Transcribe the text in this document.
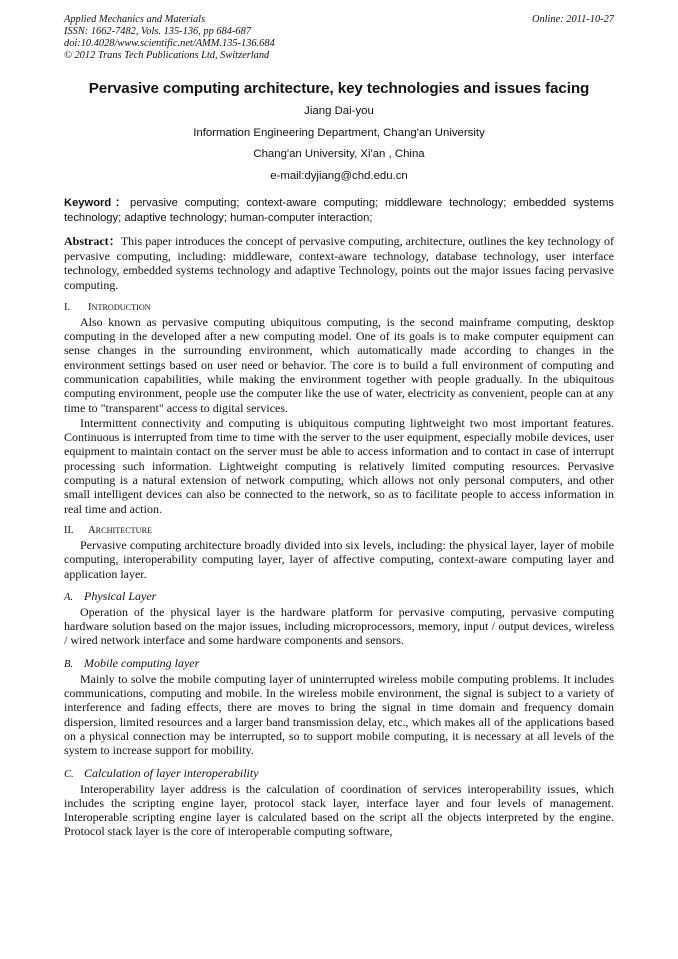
Applied Mechanics and Materials
ISSN: 1662-7482, Vols. 135-136, pp 684-687
doi:10.4028/www.scientific.net/AMM.135-136.684
© 2012 Trans Tech Publications Ltd, Switzerland
Online: 2011-10-27
Pervasive computing architecture, key technologies and issues facing
Jiang Dai-you
Information Engineering Department, Chang'an University
Chang'an University, Xi'an , China
e-mail:dyjiang@chd.edu.cn
Keyword：pervasive computing; context-aware computing; middleware technology; embedded systems technology; adaptive technology; human-computer interaction;
Abstract：This paper introduces the concept of pervasive computing, architecture, outlines the key technology of pervasive computing, including: middleware, context-aware technology, database technology, user interface technology, embedded systems technology and adaptive Technology, points out the major issues facing pervasive computing.
I. INTRODUCTION
Also known as pervasive computing ubiquitous computing, is the second mainframe computing, desktop computing in the developed after a new computing model. One of its goals is to make computer equipment can sense changes in the surrounding environment, which automatically made according to changes in the environment settings based on user need or behavior. The core is to build a full environment of computing and communication capabilities, while making the environment together with people gradually. In the ubiquitous computing environment, people use the computer like the use of water, electricity as convenient, people can at any time to "transparent" access to digital services.
Intermittent connectivity and computing is ubiquitous computing lightweight two most important features. Continuous is interrupted from time to time with the server to the user equipment, especially mobile devices, user equipment to maintain contact on the server must be able to access information and to contact in case of interrupt processing such information. Lightweight computing is relatively limited computing resources. Pervasive computing is a natural extension of network computing, which allows not only personal computers, and other small intelligent devices can also be connected to the network, so as to facilitate people to access information in real time and action.
II. ARCHITECTURE
Pervasive computing architecture broadly divided into six levels, including: the physical layer, layer of mobile computing, interoperability computing layer, layer of affective computing, context-aware computing layer and application layer.
A. Physical Layer
Operation of the physical layer is the hardware platform for pervasive computing, pervasive computing hardware solution based on the major issues, including microprocessors, memory, input / output devices, wireless / wired network interface and some hardware components and sensors.
B. Mobile computing layer
Mainly to solve the mobile computing layer of uninterrupted wireless mobile computing problems. It includes communications, computing and mobile. In the wireless mobile environment, the signal is subject to a variety of interference and fading effects, there are moves to bring the signal in time domain and frequency domain dispersion, limited resources and a larger band transmission delay, etc., which makes all of the applications based on a physical connection may be interrupted, so to support mobile computing, it is necessary at all levels of the system to increase support for mobility.
C. Calculation of layer interoperability
Interoperability layer address is the calculation of coordination of services interoperability issues, which includes the scripting engine layer, protocol stack layer, interface layer and four levels of management. Interoperable scripting engine layer is calculated based on the script all the objects interpreted by the engine. Protocol stack layer is the core of interoperable computing software,
